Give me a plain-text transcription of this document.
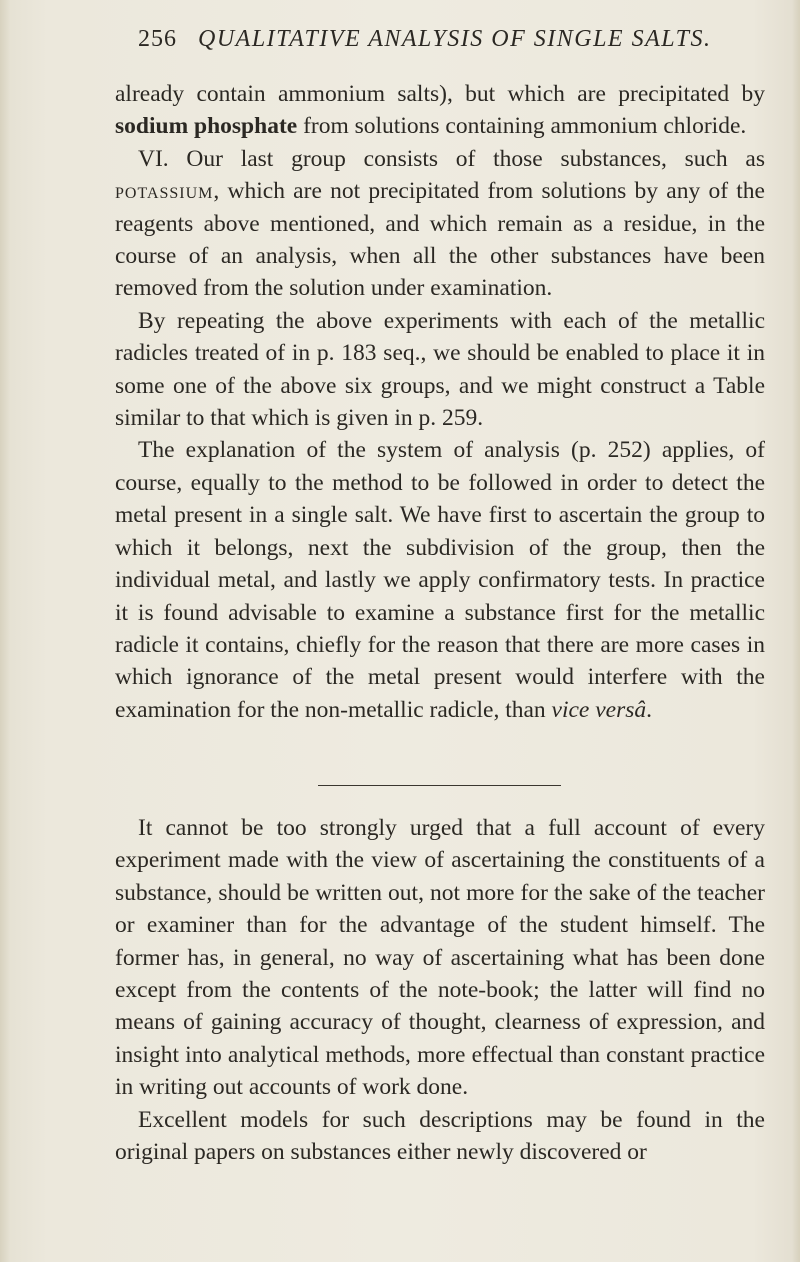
256 QUALITATIVE ANALYSIS OF SINGLE SALTS.

already contain ammonium salts), but which are precipitated by sodium phosphate from solutions containing ammonium chloride.

VI. Our last group consists of those substances, such as potassium, which are not precipitated from solutions by any of the reagents above mentioned, and which remain as a residue, in the course of an analysis, when all the other substances have been removed from the solution under examination.

By repeating the above experiments with each of the metallic radicles treated of in p. 183 seq., we should be enabled to place it in some one of the above six groups, and we might construct a Table similar to that which is given in p. 259.

The explanation of the system of analysis (p. 252) applies, of course, equally to the method to be followed in order to detect the metal present in a single salt. We have first to ascertain the group to which it belongs, next the subdivision of the group, then the individual metal, and lastly we apply confirmatory tests. In practice it is found advisable to examine a substance first for the metallic radicle it contains, chiefly for the reason that there are more cases in which ignorance of the metal present would interfere with the examination for the non-metallic radicle, than vice versâ.

It cannot be too strongly urged that a full account of every experiment made with the view of ascertaining the constituents of a substance, should be written out, not more for the sake of the teacher or examiner than for the advantage of the student himself. The former has, in general, no way of ascertaining what has been done except from the contents of the note-book; the latter will find no means of gaining accuracy of thought, clearness of expression, and insight into analytical methods, more effectual than constant practice in writing out accounts of work done.

Excellent models for such descriptions may be found in the original papers on substances either newly discovered or
